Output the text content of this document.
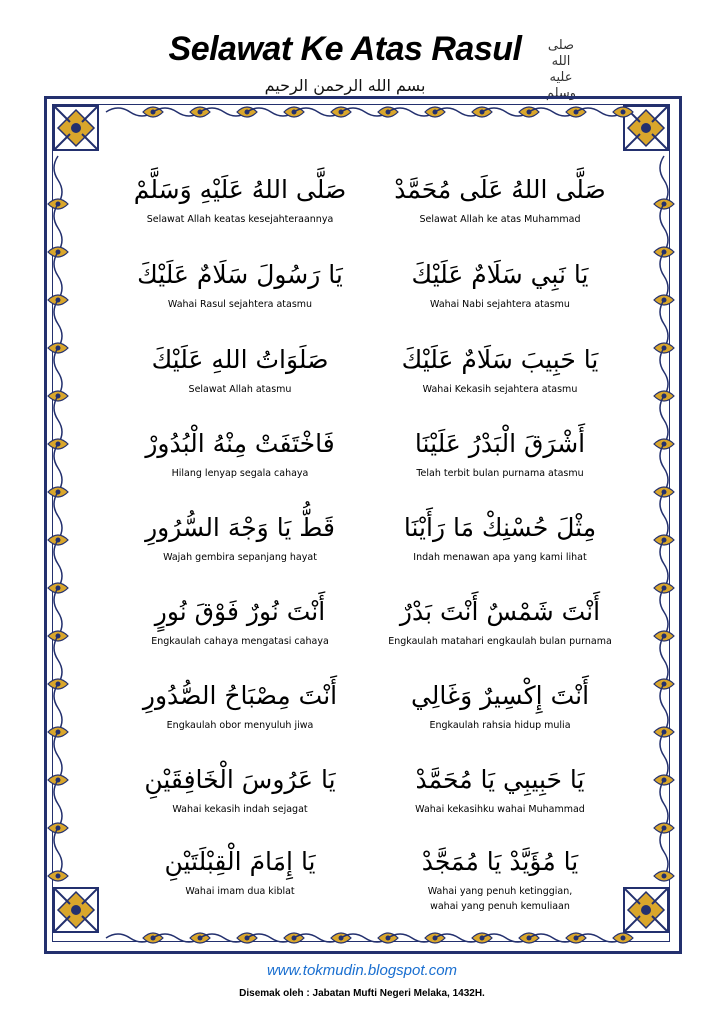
Selawat Ke Atas Rasul	صلى الله عليه وسلم
بسم الله الرحمن الرحيم
صَلَّى اللهُ عَلَى مُحَمَّدْ
Selawat Allah ke atas Muhammad
صَلَّى اللهُ عَلَيْهِ وَسَلَّمْ
Selawat Allah keatas kesejahteraannya
يَا نَبِي سَلَامٌ عَلَيْكَ
Wahai Nabi sejahtera atasmu
يَا رَسُولَ سَلَامٌ عَلَيْكَ
Wahai Rasul sejahtera atasmu
يَا حَبِيبَ سَلَامٌ عَلَيْكَ
Wahai Kekasih sejahtera atasmu
صَلَوَاتُ اللهِ عَلَيْكَ
Selawat Allah atasmu
أَشْرَقَ الْبَدْرُ عَلَيْنَا
Telah terbit bulan purnama atasmu
فَاخْتَفَتْ مِنْهُ الْبُدُورْ
Hilang lenyap segala cahaya
مِثْلَ حُسْنِكْ مَا رَأَيْنَا
Indah menawan apa yang kami lihat
قَطُّ يَا وَجْهَ السُّرُورِ
Wajah gembira sepanjang hayat
أَنْتَ شَمْسٌ أَنْتَ بَدْرٌ
Engkaulah matahari engkaulah bulan purnama
أَنْتَ نُورٌ فَوْقَ نُورٍ
Engkaulah cahaya mengatasi cahaya
أَنْتَ إِكْسِيرٌ وَغَالِي
Engkaulah rahsia hidup mulia
أَنْتَ مِصْبَاحُ الصُّدُورِ
Engkaulah obor menyuluh jiwa
يَا حَبِيبِي يَا مُحَمَّدْ
Wahai kekasihku wahai Muhammad
يَا عَرُوسَ الْخَافِقَيْنِ
Wahai kekasih indah sejagat
يَا مُؤَيَّدْ يَا مُمَجَّدْ
Wahai yang penuh ketinggian,
wahai yang penuh kemuliaan
يَا إِمَامَ الْقِبْلَتَيْنِ
Wahai imam dua kiblat
www.tokmudin.blogspot.com
Disemak oleh : Jabatan Mufti Negeri Melaka, 1432H.
